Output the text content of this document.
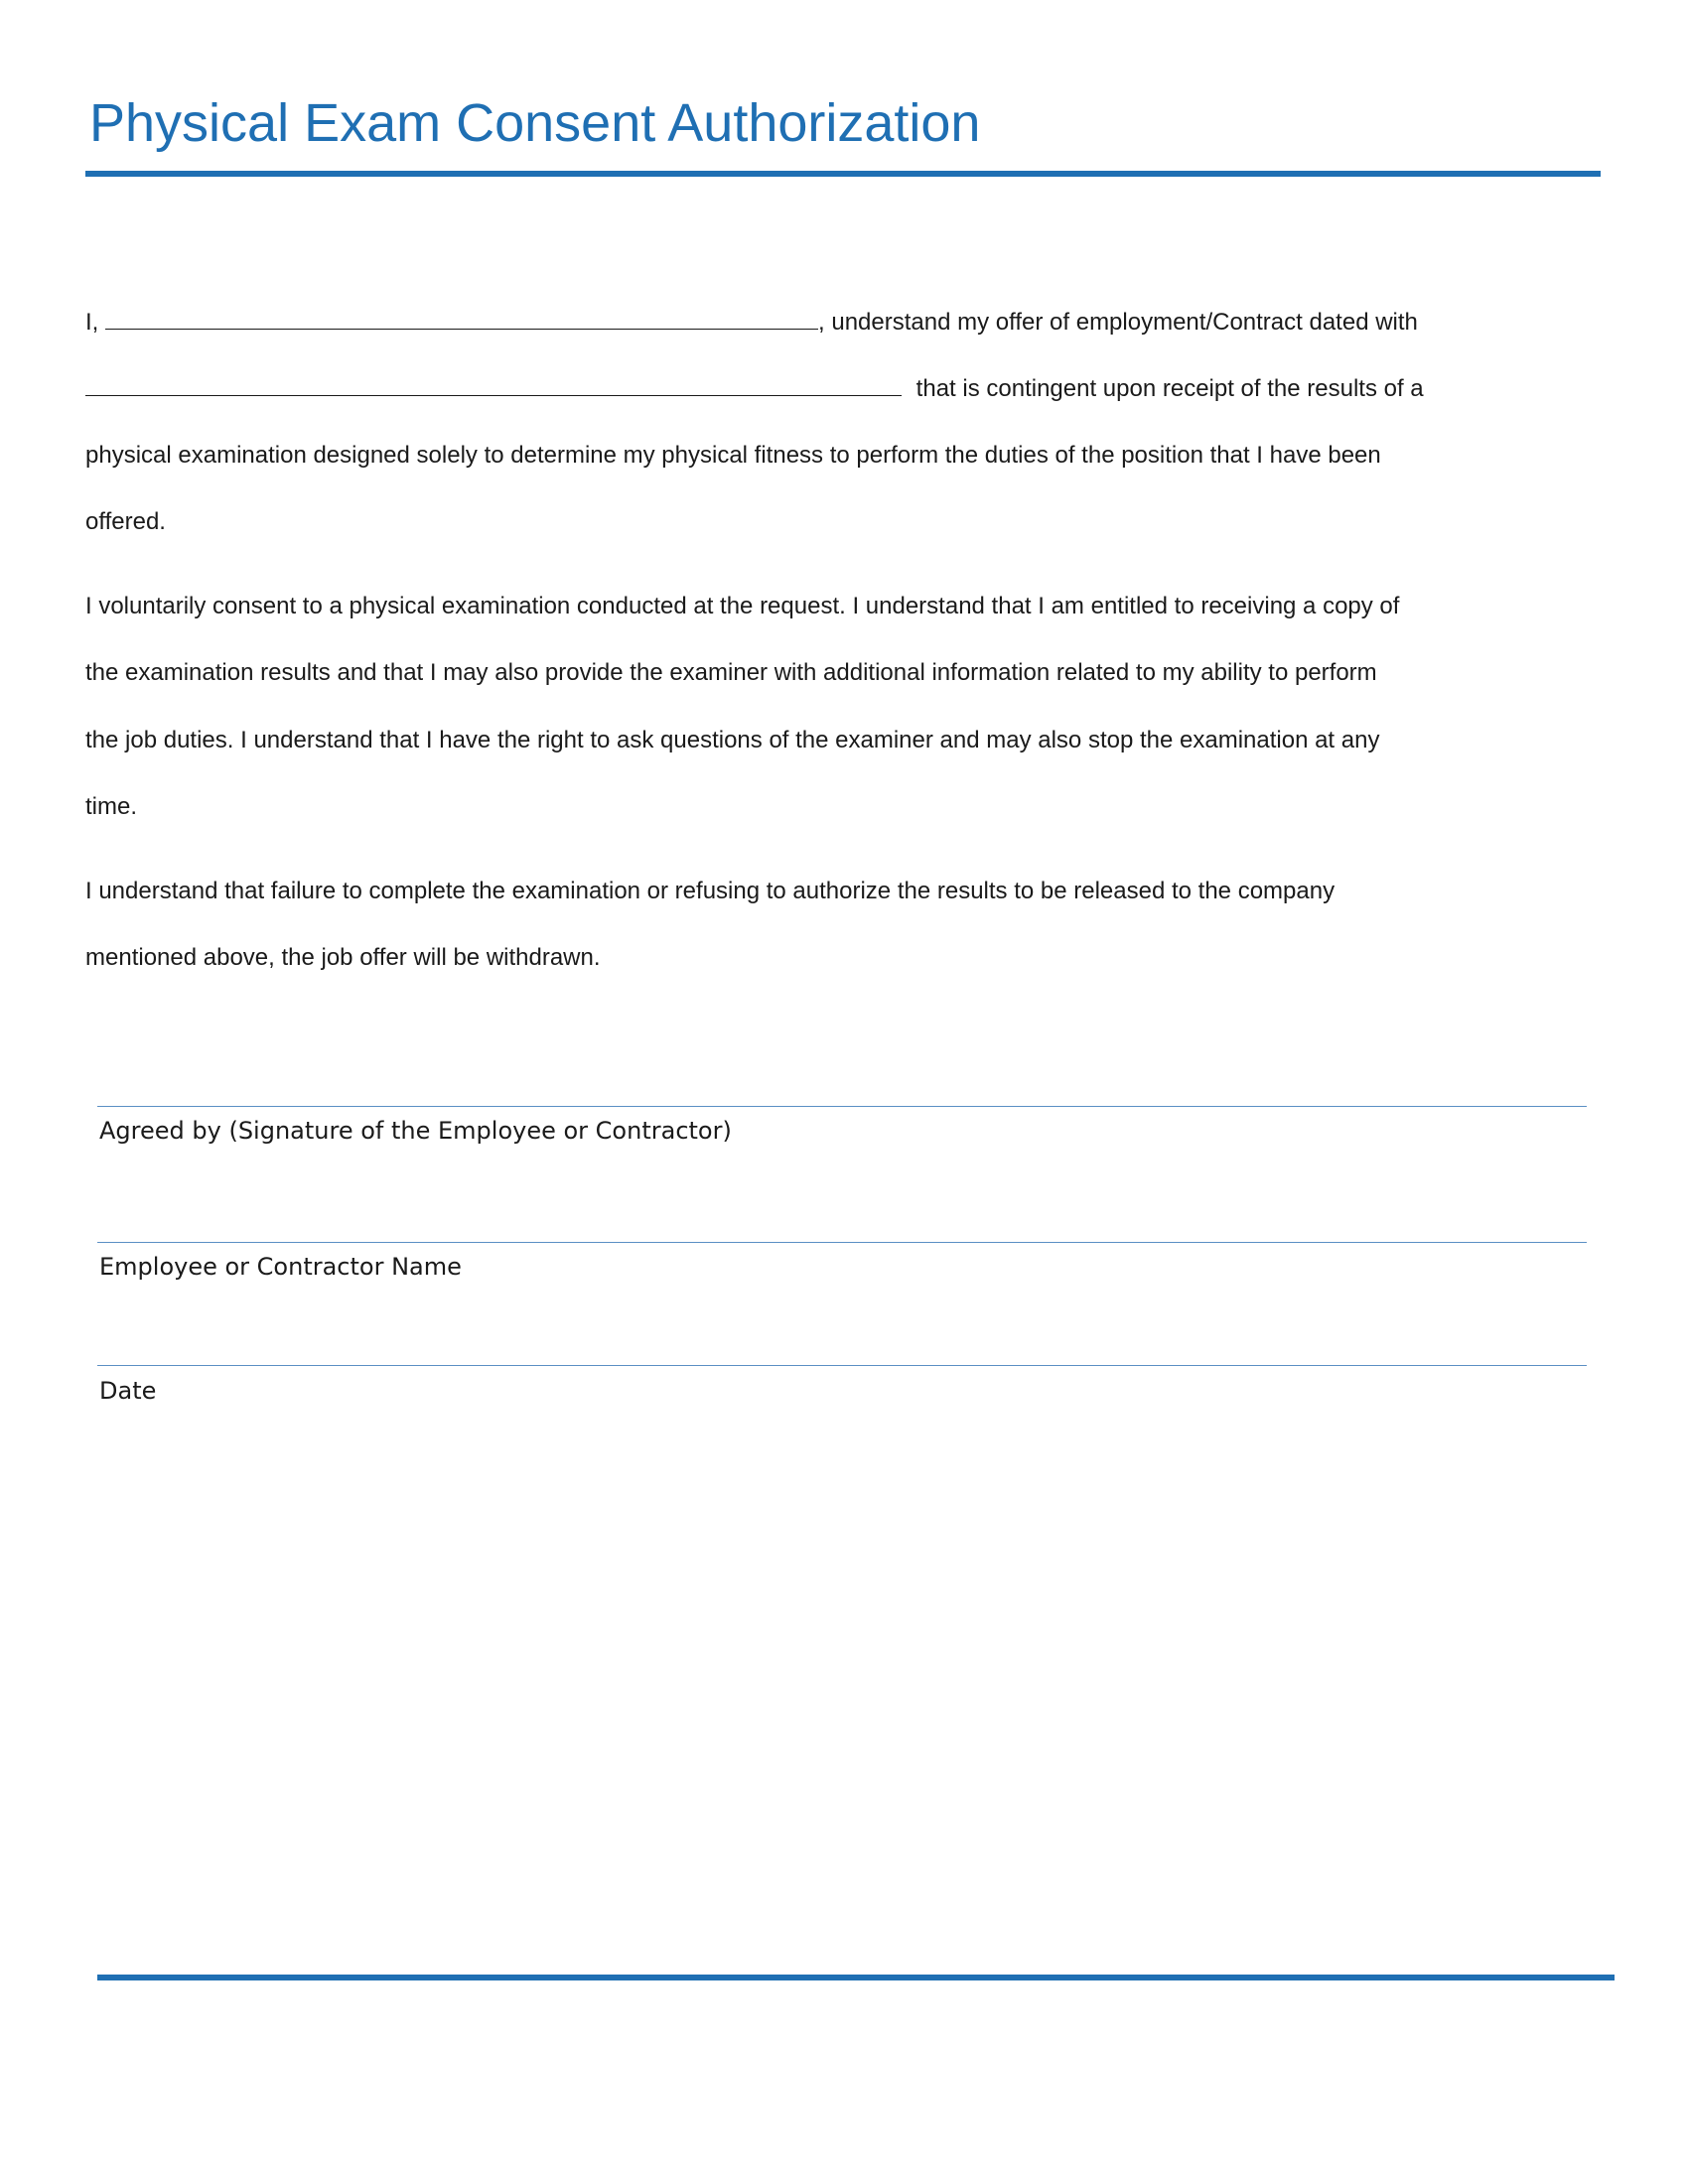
Physical Exam Consent Authorization
I,	, understand my offer of employment/Contract dated with
that is contingent upon receipt of the results of a
physical examination designed solely to determine my physical fitness to perform the duties of the position that I have been
offered.
I voluntarily consent to a physical examination conducted at the request. I understand that I am entitled to receiving a copy of
the examination results and that I may also provide the examiner with additional information related to my ability to perform
the job duties. I understand that I have the right to ask questions of the examiner and may also stop the examination at any
time.
I understand that failure to complete the examination or refusing to authorize the results to be released to the company
mentioned above, the job offer will be withdrawn.
Agreed by (Signature of the Employee or Contractor)
Employee or Contractor Name
Date
